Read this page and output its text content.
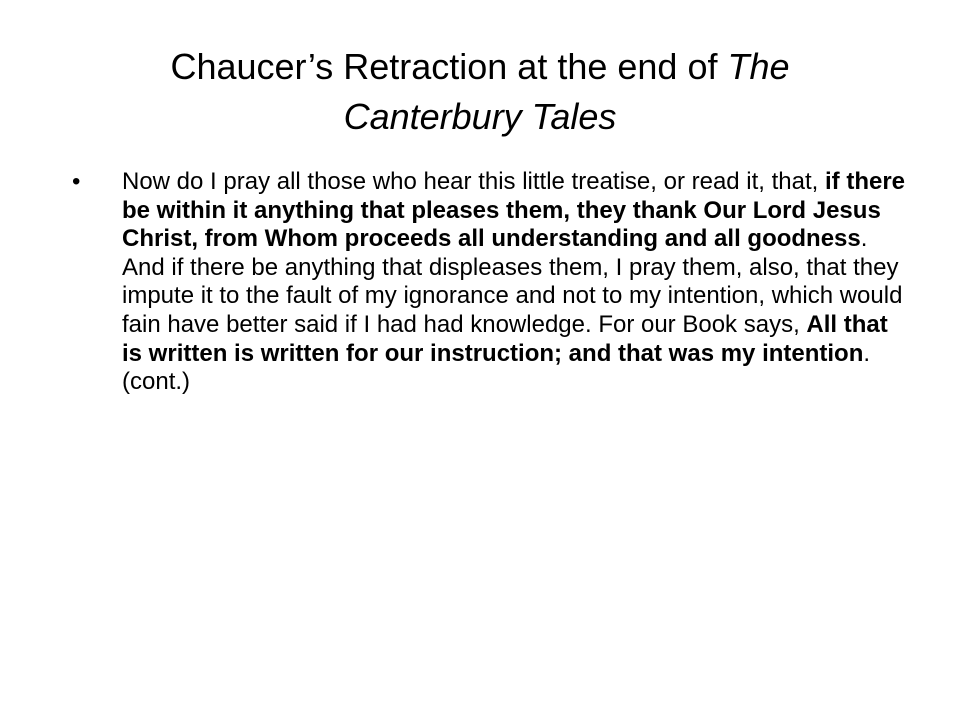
Chaucer’s Retraction at the end of The Canterbury Tales
•	Now do I pray all those who hear this little treatise, or read it, that, if there be within it anything that pleases them, they thank Our Lord Jesus Christ, from Whom proceeds all understanding and all goodness. And if there be anything that displeases them, I pray them, also, that they impute it to the fault of my ignorance and not to my intention, which would fain have better said if I had had knowledge. For our Book says, All that is written is written for our instruction; and that was my intention. (cont.)
